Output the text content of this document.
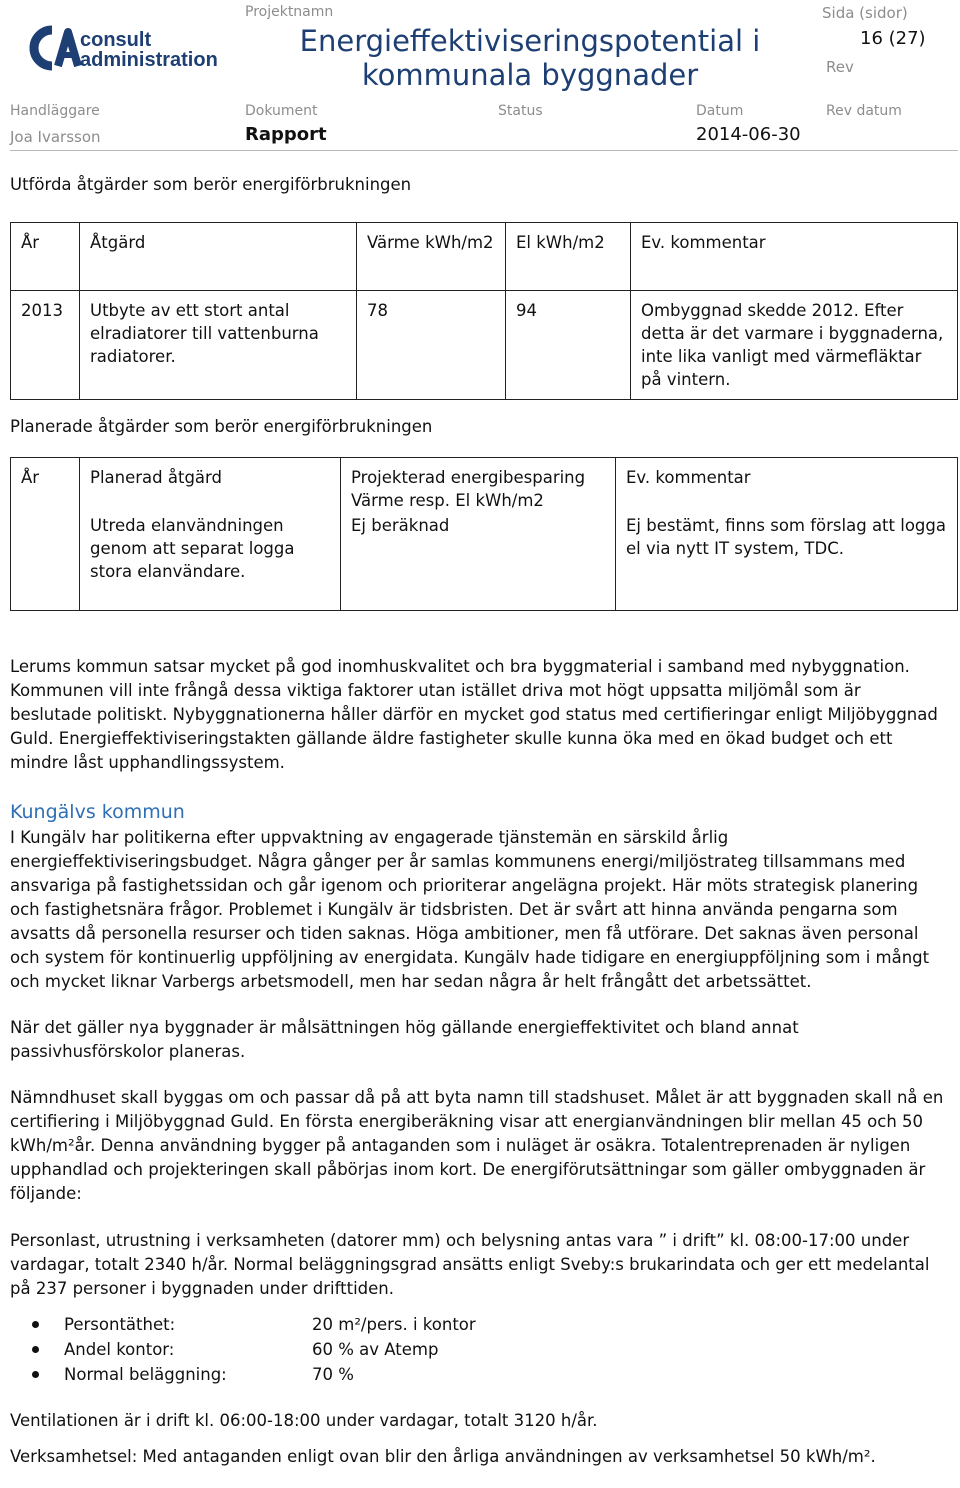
consult
administration
Projektnamn
Energieffektiviseringspotential i kommunala byggnader
Sida (sidor)
16 (27)
Rev
Handläggare
Joa Ivarsson
Dokument
Rapport
Status	Datum
2014-06-30
Rev datum
Utförda åtgärder som berör energiförbrukningen
År	Åtgärd	Värme kWh/m2	El kWh/m2	Ev. kommentar
2013	Utbyte av ett stort antal elradiatorer till vattenburna radiatorer.	78	94	Ombyggnad skedde 2012. Efter detta är det varmare i byggnaderna, inte lika vanligt med värmefläktar på vintern.
Planerade åtgärder som berör energiförbrukningen
År	Planerad åtgärd	Projekterad energibesparing Värme resp. El kWh/m2	Ev. kommentar
	Utreda elanvändningen genom att separat logga stora elanvändare.	Ej beräknad	Ej bestämt, finns som förslag att logga el via nytt IT system, TDC.
Lerums kommun satsar mycket på god inomhuskvalitet och bra byggmaterial i samband med nybyggnation. Kommunen vill inte frångå dessa viktiga faktorer utan istället driva mot högt uppsatta miljömål som är beslutade politiskt. Nybyggnationerna håller därför en mycket god status med certifieringar enligt Miljöbyggnad Guld. Energieffektiviseringstakten gällande äldre fastigheter skulle kunna öka med en ökad budget och ett mindre låst upphandlingssystem.
Kungälvs kommun
I Kungälv har politikerna efter uppvaktning av engagerade tjänstemän en särskild årlig energieffektiviseringsbudget. Några gånger per år samlas kommunens energi/miljöstrateg tillsammans med ansvariga på fastighetssidan och går igenom och prioriterar angelägna projekt. Här möts strategisk planering och fastighetsnära frågor. Problemet i Kungälv är tidsbristen. Det är svårt att hinna använda pengarna som avsatts då personella resurser och tiden saknas. Höga ambitioner, men få utförare. Det saknas även personal och system för kontinuerlig uppföljning av energidata. Kungälv hade tidigare en energiuppföljning som i mångt och mycket liknar Varbergs arbetsmodell, men har sedan några år helt frångått det arbetssättet.
När det gäller nya byggnader är målsättningen hög gällande energieffektivitet och bland annat passivhusförskolor planeras.
Nämndhuset skall byggas om och passar då på att byta namn till stadshuset. Målet är att byggnaden skall nå en certifiering i Miljöbyggnad Guld. En första energiberäkning visar att energianvändningen blir mellan 45 och 50 kWh/m²år. Denna användning bygger på antaganden som i nuläget är osäkra. Totalentreprenaden är nyligen upphandlad och projekteringen skall påbörjas inom kort. De energiförutsättningar som gäller ombyggnaden är följande:
Personlast, utrustning i verksamheten (datorer mm) och belysning antas vara ” i drift” kl. 08:00-17:00 under vardagar, totalt 2340 h/år. Normal beläggningsgrad ansätts enligt Sveby:s brukarindata och ger ett medelantal på 237 personer i byggnaden under drifttiden.
Persontäthet:	20 m²/pers. i kontor
Andel kontor:	60 % av Atemp
Normal beläggning:	70 %
Ventilationen är i drift kl. 06:00-18:00 under vardagar, totalt 3120 h/år.
Verksamhetsel: Med antaganden enligt ovan blir den årliga användningen av verksamhetsel 50 kWh/m².
